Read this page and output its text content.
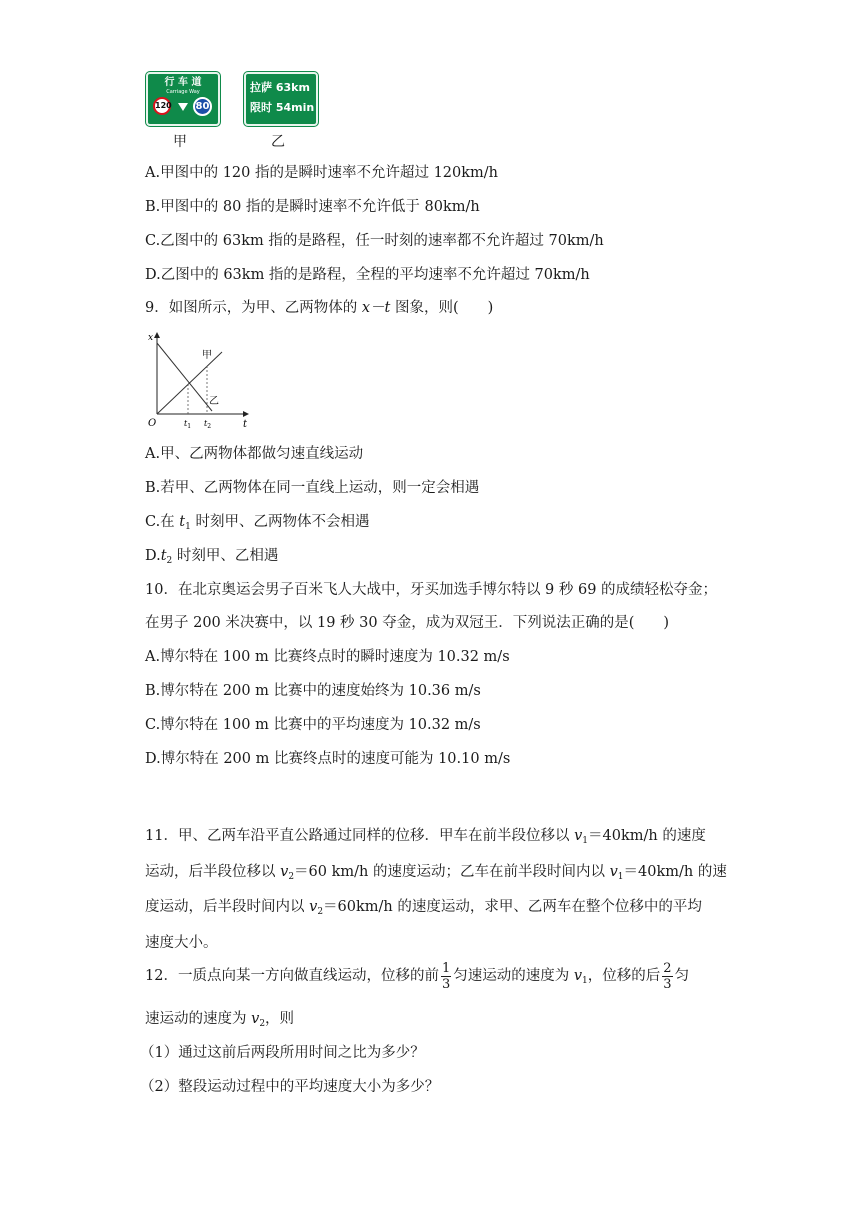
行 车 道
Carriage Way
120 80
甲
拉萨 63km
限时 54min
乙
A.甲图中的 120 指的是瞬时速率不允许超过 120km/h
B.甲图中的 80 指的是瞬时速率不允许低于 80km/h
C.乙图中的 63km 指的是路程，任一时刻的速率都不允许超过 70km/h
D.乙图中的 63km 指的是路程，全程的平均速率不允许超过 70km/h
9．如图所示，为甲、乙两物体的 x－t 图象，则(　　)
x
t
O
甲
乙
$t_1$ $t_2$
A.甲、乙两物体都做匀速直线运动
B.若甲、乙两物体在同一直线上运动，则一定会相遇
C.在 $t_1$ 时刻甲、乙两物体不会相遇
$D.t_2$ 时刻甲、乙相遇
10．在北京奥运会男子百米飞人大战中，牙买加选手博尔特以 9 秒 69 的成绩轻松夺金；
在男子 200 米决赛中，以 19 秒 30 夺金，成为双冠王．下列说法正确的是(　　)
A.博尔特在 100 m 比赛终点时的瞬时速度为 10.32 m/s
B.博尔特在 200 m 比赛中的速度始终为 10.36 m/s
C.博尔特在 100 m 比赛中的平均速度为 10.32 m/s
D.博尔特在 200 m 比赛终点时的速度可能为 10.10 m/s
11．甲、乙两车沿平直公路通过同样的位移．甲车在前半段位移以 $v_1=40km/h$ 的速度
运动，后半段位移以 $v_2=60$ km/h 的速度运动；乙车在前半段时间内以 $v_1=40km/h$ 的速
度运动，后半段时间内以 $v_2=60km/h$ 的速度运动，求甲、乙两车在整个位移中的平均
速度大小。
12．一质点向某一方向做直线运动，位移的前 $\frac{1}{3}$ 匀速运动的速度为 $v_1$，位移的后 $\frac{2}{3}$ 匀
速运动的速度为 $v_2$，则
（1）通过这前后两段所用时间之比为多少？
（2）整段运动过程中的平均速度大小为多少？
